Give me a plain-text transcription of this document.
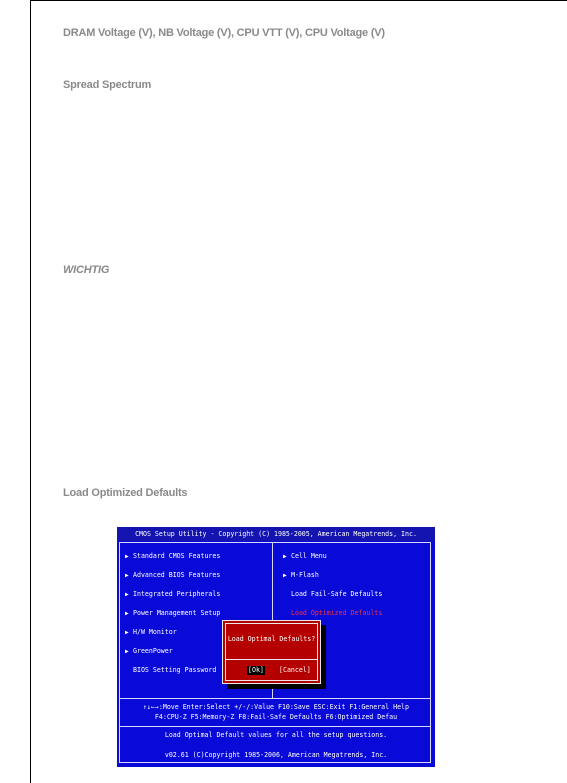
DRAM Voltage (V), NB Voltage (V), CPU VTT (V), CPU Voltage (V)
Spread Spectrum
WICHTIG
Load Optimized Defaults
CMOS Setup Utility - Copyright (C) 1985-2005, American Megatrends, Inc.
▶ Standard CMOS Features
▶ Advanced BIOS Features
▶ Integrated Peripherals
▶ Power Management Setup
▶ H/W Monitor
▶ GreenPower
BIOS Setting Password
▶ Cell Menu
▶ M-Flash
Load Fail-Safe Defaults
Load Optimized Defaults
Load Optimal Defaults?
[Ok] [Cancel]
↑↓←→:Move Enter:Select +/-/:Value F10:Save ESC:Exit F1:General Help
F4:CPU-Z F5:Memory-Z F8:Fail-Safe Defaults F6:Optimized Defau
Load Optimal Default values for all the setup questions.
v02.61 (C)Copyright 1985-2006, American Megatrends, Inc.
